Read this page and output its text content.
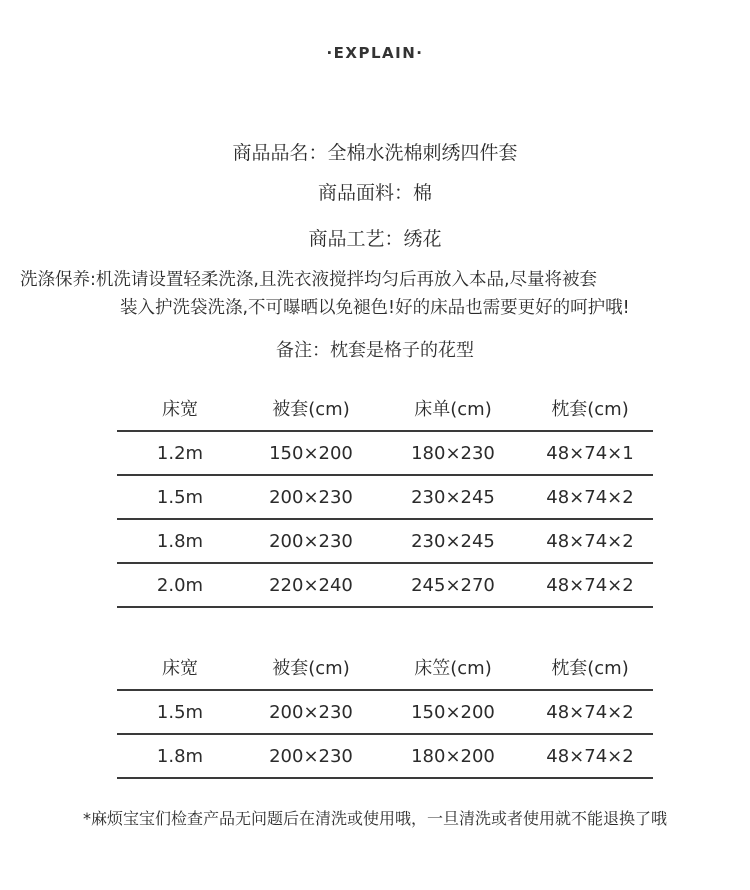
·EXPLAIN·
商品品名：全棉水洗棉刺绣四件套
商品面料：棉
商品工艺：绣花
洗涤保养:机洗请设置轻柔洗涤,且洗衣液搅拌均匀后再放入本品,尽量将被套
装入护洗袋洗涤,不可曝晒以免褪色!好的床品也需要更好的呵护哦!
备注：枕套是格子的花型
床宽	被套(cm)	床单(cm)	枕套(cm)
1.2m	150×200	180×230	48×74×1
1.5m	200×230	230×245	48×74×2
1.8m	200×230	230×245	48×74×2
2.0m	220×240	245×270	48×74×2
床宽	被套(cm)	床笠(cm)	枕套(cm)
1.5m	200×230	150×200	48×74×2
1.8m	200×230	180×200	48×74×2
*麻烦宝宝们检查产品无问题后在清洗或使用哦，一旦清洗或者使用就不能退换了哦
